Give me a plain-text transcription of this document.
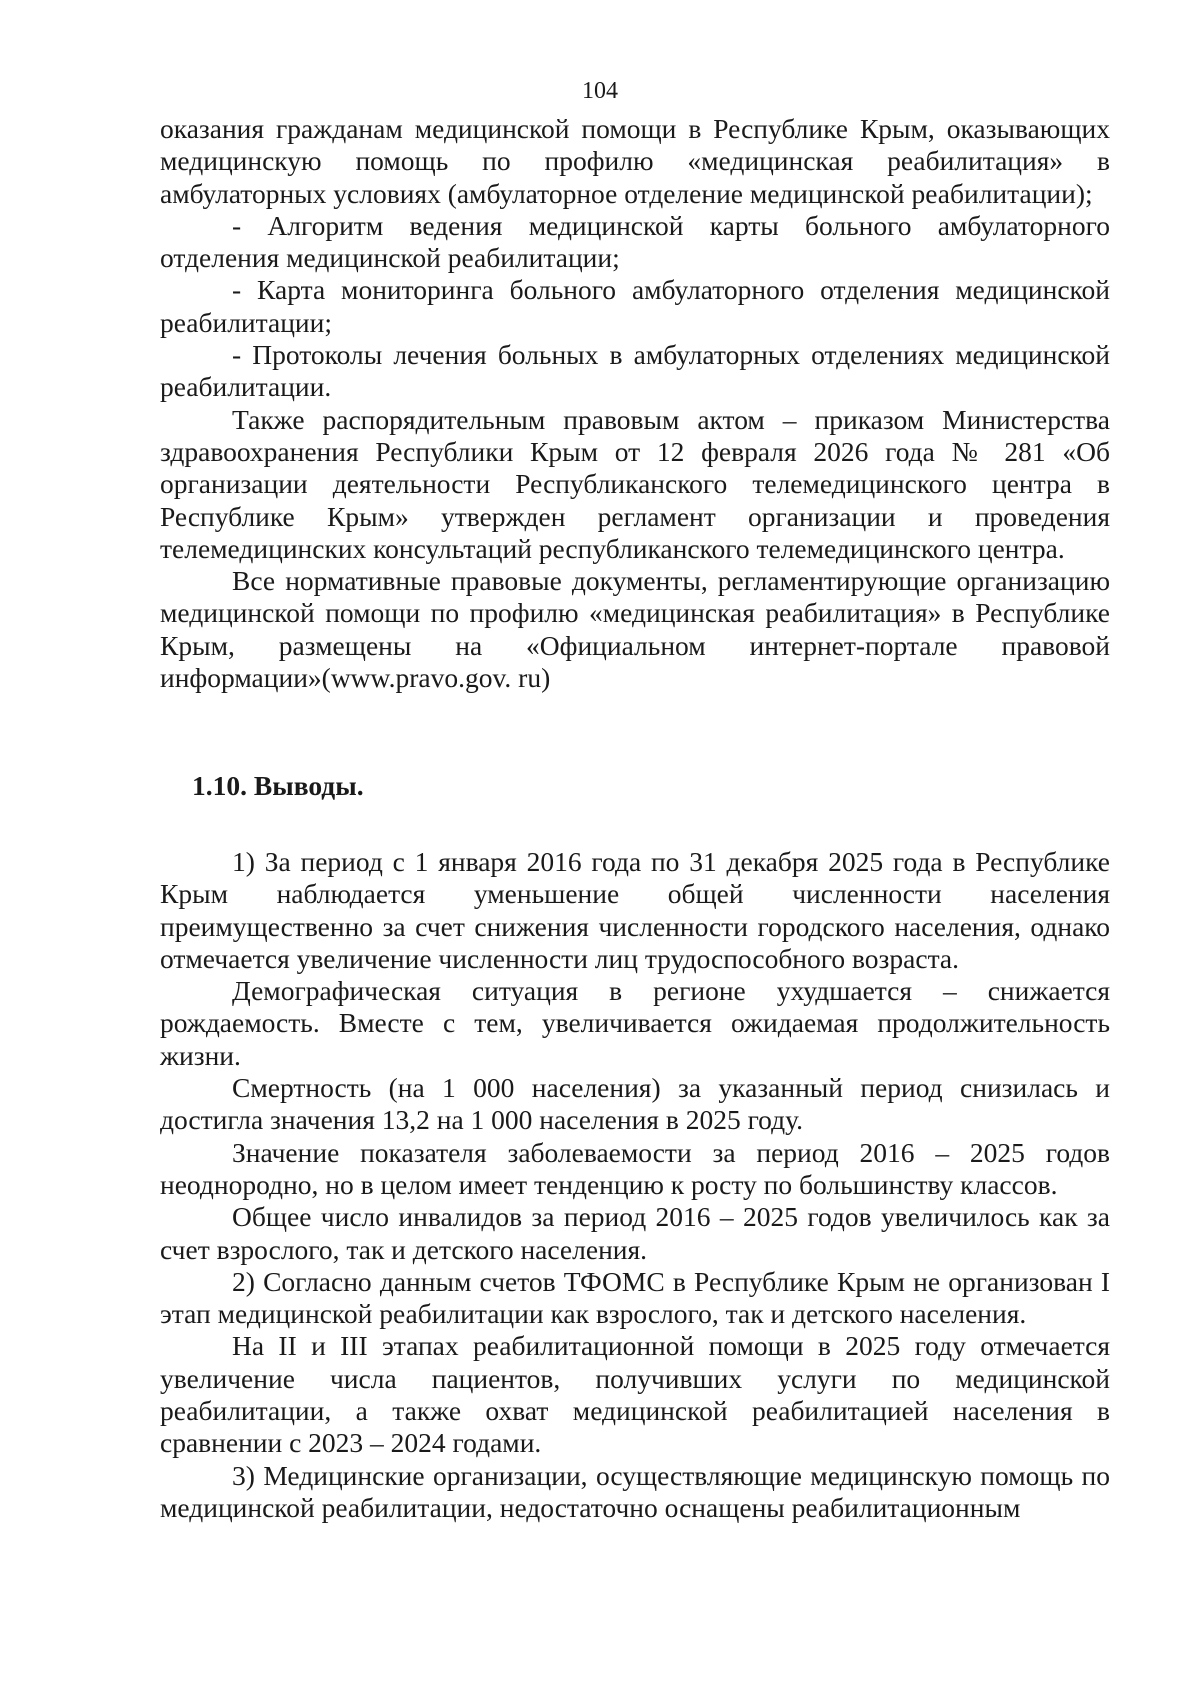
104

оказания гражданам медицинской помощи в Республике Крым, оказывающих медицинскую помощь по профилю «медицинская реабилитация» в амбулаторных условиях (амбулаторное отделение медицинской реабилитации);

- Алгоритм ведения медицинской карты больного амбулаторного отделения медицинской реабилитации;

- Карта мониторинга больного амбулаторного отделения медицинской реабилитации;

- Протоколы лечения больных в амбулаторных отделениях медицинской реабилитации.

Также распорядительным правовым актом – приказом Министерства здравоохранения Республики Крым от 12 февраля 2026 года № 281 «Об организации деятельности Республиканского телемедицинского центра в Республике Крым» утвержден регламент организации и проведения телемедицинских консультаций республиканского телемедицинского центра.

Все нормативные правовые документы, регламентирующие организацию медицинской помощи по профилю «медицинская реабилитация» в Республике Крым, размещены на «Официальном интернет-портале правовой информации»(www.pravo.gov. ru)

1.10. Выводы.

1) За период с 1 января 2016 года по 31 декабря 2025 года в Республике Крым наблюдается уменьшение общей численности населения преимущественно за счет снижения численности городского населения, однако отмечается увеличение численности лиц трудоспособного возраста.

Демографическая ситуация в регионе ухудшается – снижается рождаемость. Вместе с тем, увеличивается ожидаемая продолжительность жизни.

Смертность (на 1 000 населения) за указанный период снизилась и достигла значения 13,2 на 1 000 населения в 2025 году.

Значение показателя заболеваемости за период 2016 – 2025 годов неоднородно, но в целом имеет тенденцию к росту по большинству классов.

Общее число инвалидов за период 2016 – 2025 годов увеличилось как за счет взрослого, так и детского населения.

2) Согласно данным счетов ТФОМС в Республике Крым не организован I этап медицинской реабилитации как взрослого, так и детского населения.

На II и III этапах реабилитационной помощи в 2025 году отмечается увеличение числа пациентов, получивших услуги по медицинской реабилитации, а также охват медицинской реабилитацией населения в сравнении с 2023 – 2024 годами.

3) Медицинские организации, осуществляющие медицинскую помощь по медицинской реабилитации, недостаточно оснащены реабилитационным
